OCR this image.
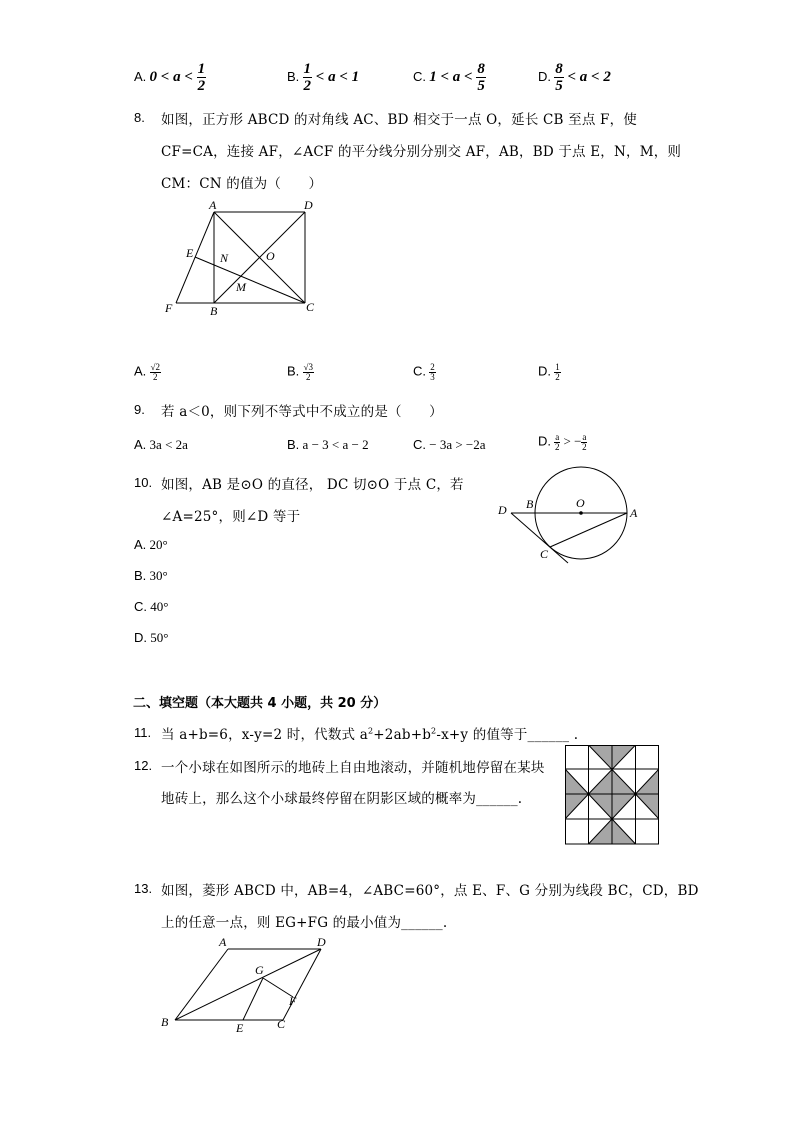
A. $0 < a < \frac{1}{2}$	B. $\frac{1}{2} < a < 1$	C. $1 < a < \frac{8}{5}$	D. $\frac{8}{5} < a < 2$
8. 如图，正方形 ABCD 的对角线 AC、BD 相交于一点 O，延长 CB 至点 F，使
CF=CA，连接 AF，∠ACF 的平分线分别分别交 AF，AB，BD 于点 E，N，M，则
CM：CN 的值为（　　）
A	D
E N	O
M
F	B	C
A. $\frac{√2}{2}$	B. $\frac{√3}{2}$	C. $\frac{2}{3}$	D. $\frac{1}{2}$
9. 若 a＜0，则下列不等式中不成立的是（　　）
A. 3a < 2a	B. a − 3 < a − 2	C. − 3a > −2a	D. $\frac{a}{2}$ > − $\frac{a}{2}$
10. 如图，AB 是⊙O 的直径， DC 切⊙O 于点 C，若
∠A=25°，则∠D 等于
A. 20°
B. 30°
C. 40°
D. 50°
D B	O
A
C
二、填空题（本大题共 4 小题，共 20 分）
11. 当 a+b=6，x-y=2 时，代数式 $a^2+2ab+b^2-x+y$ 的值等于______ .
12. 一个小球在如图所示的地砖上自由地滚动，并随机地停留在某块
地砖上，那么这个小球最终停留在阴影区域的概率为______.
13. 如图，菱形 ABCD 中，AB=4，∠ABC=60°，点 E、F、G 分别为线段 BC，CD，BD
上的任意一点，则 EG+FG 的最小值为______.
A	D
G
F
B	E	C
